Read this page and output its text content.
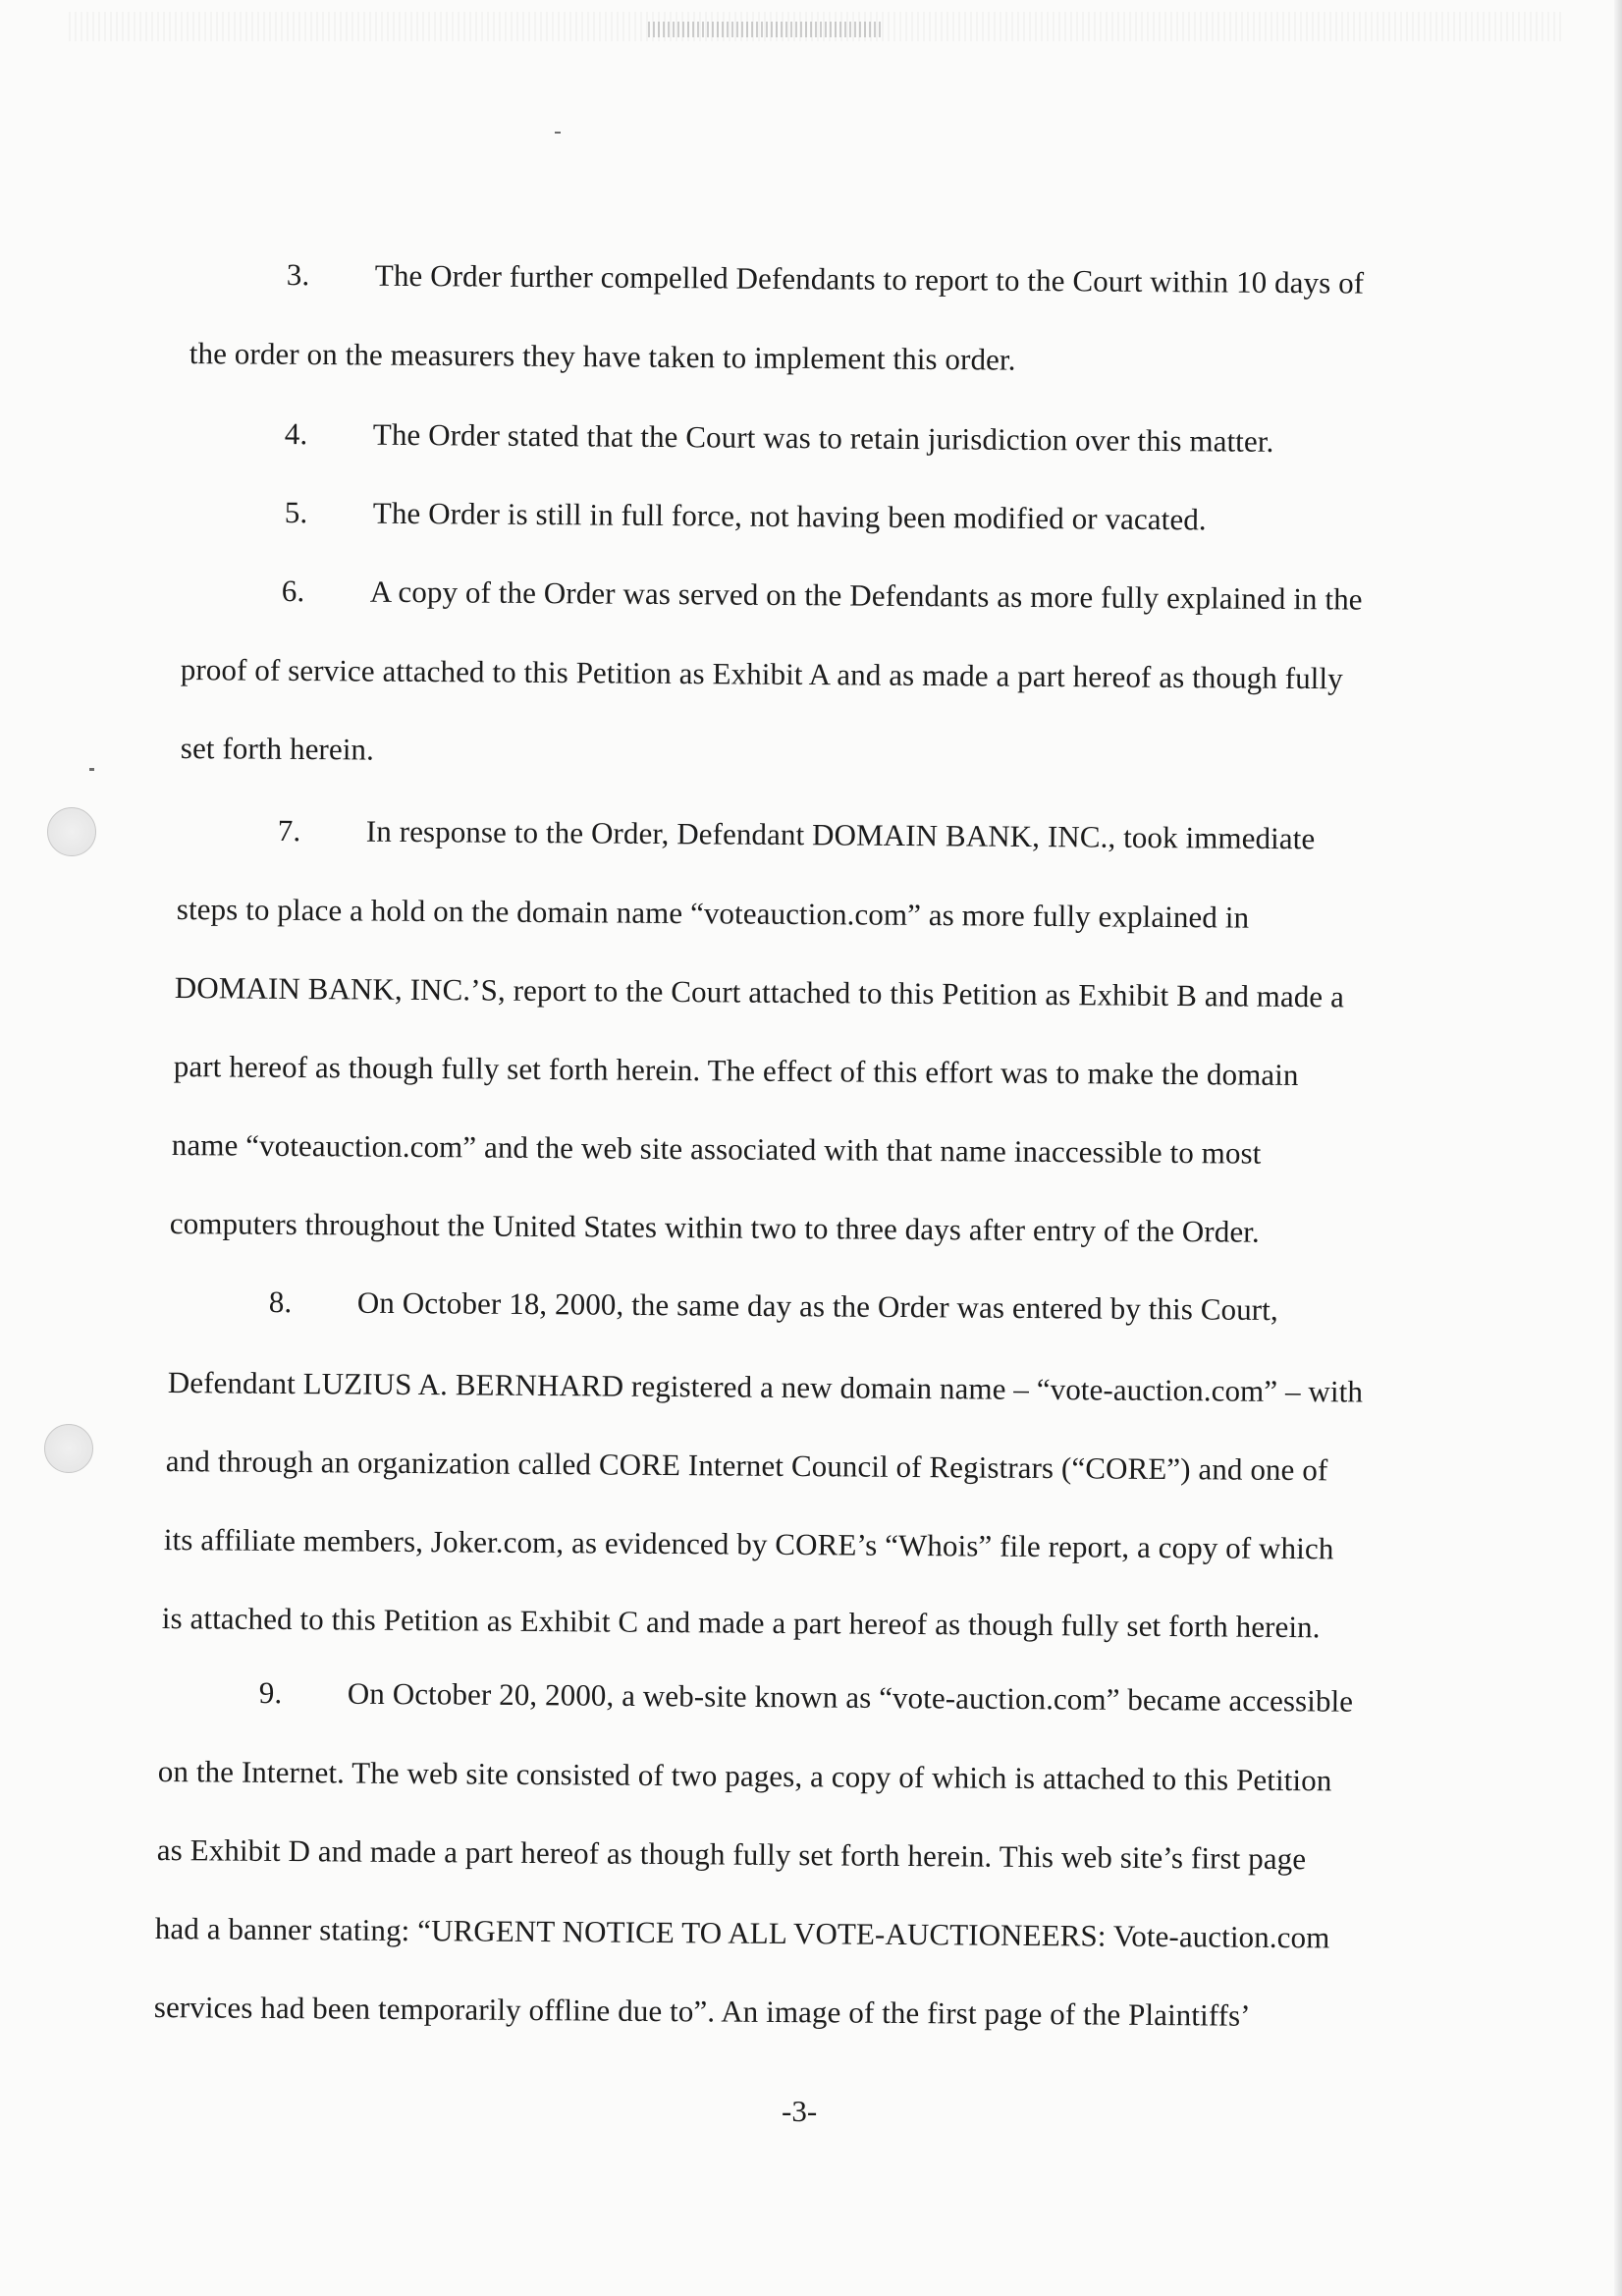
3. The Order further compelled Defendants to report to the Court within 10 days of
the order on the measurers they have taken to implement this order.
4. The Order stated that the Court was to retain jurisdiction over this matter.
5. The Order is still in full force, not having been modified or vacated.
6. A copy of the Order was served on the Defendants as more fully explained in the
proof of service attached to this Petition as Exhibit A and as made a part hereof as though fully
set forth herein.
7. In response to the Order, Defendant DOMAIN BANK, INC., took immediate
steps to place a hold on the domain name “voteauction.com” as more fully explained in
DOMAIN BANK, INC.’S, report to the Court attached to this Petition as Exhibit B and made a
part hereof as though fully set forth herein. The effect of this effort was to make the domain
name “voteauction.com” and the web site associated with that name inaccessible to most
computers throughout the United States within two to three days after entry of the Order.
8. On October 18, 2000, the same day as the Order was entered by this Court,
Defendant LUZIUS A. BERNHARD registered a new domain name – “vote-auction.com” – with
and through an organization called CORE Internet Council of Registrars (“CORE”) and one of
its affiliate members, Joker.com, as evidenced by CORE’s “Whois” file report, a copy of which
is attached to this Petition as Exhibit C and made a part hereof as though fully set forth herein.
9. On October 20, 2000, a web-site known as “vote-auction.com” became accessible
on the Internet. The web site consisted of two pages, a copy of which is attached to this Petition
as Exhibit D and made a part hereof as though fully set forth herein. This web site’s first page
had a banner stating: “URGENT NOTICE TO ALL VOTE-AUCTIONEERS: Vote-auction.com
services had been temporarily offline due to”. An image of the first page of the Plaintiffs’
-3-
